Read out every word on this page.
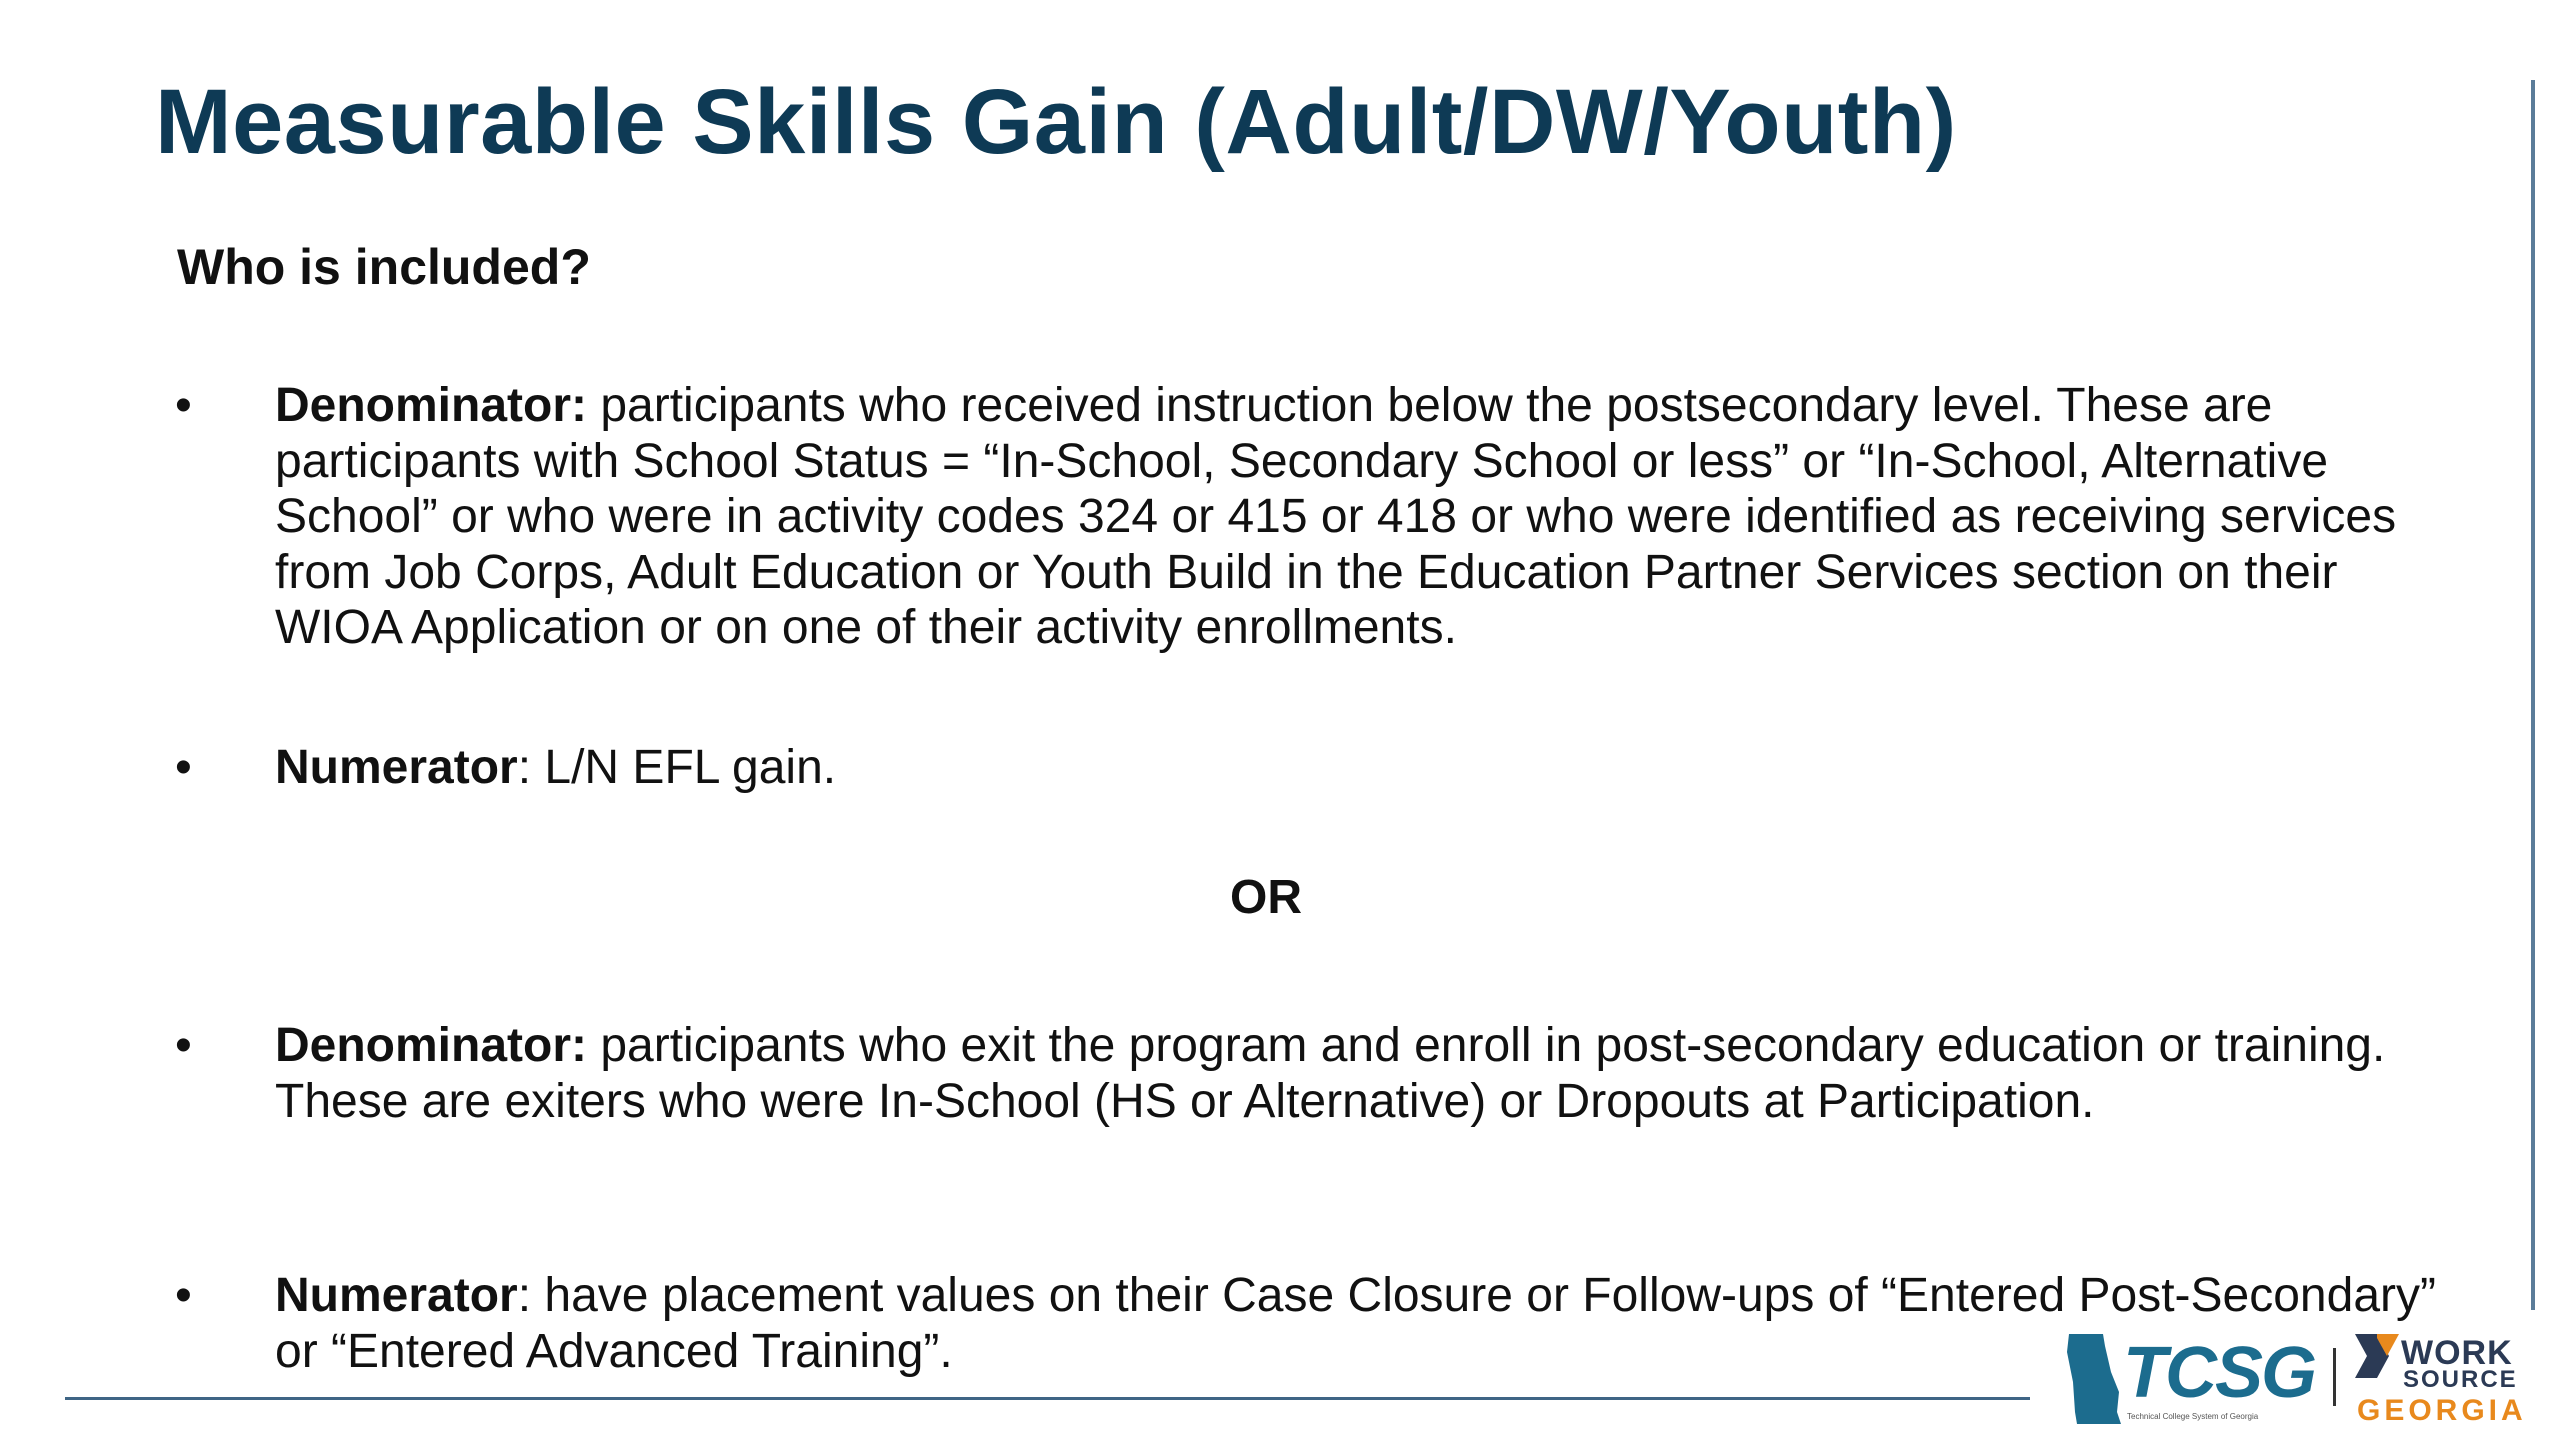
Measurable Skills Gain (Adult/DW/Youth)
Who is included?
• Denominator: participants who received instruction below the postsecondary level. These are participants with School Status = “In-School, Secondary School or less” or “In-School, Alternative School” or who were in activity codes 324 or 415 or 418 or who were identified as receiving services from Job Corps, Adult Education or Youth Build in the Education Partner Services section on their WIOA Application or on one of their activity enrollments.
• Numerator: L/N EFL gain.
OR
• Denominator: participants who exit the program and enroll in post-secondary education or training. These are exiters who were In-School (HS or Alternative) or Dropouts at Participation.
• Numerator: have placement values on their Case Closure or Follow-ups of “Entered Post-Secondary” or “Entered Advanced Training”.	TCSG
Technical College System of Georgia
WORK
SOURCE
GEORGIA
